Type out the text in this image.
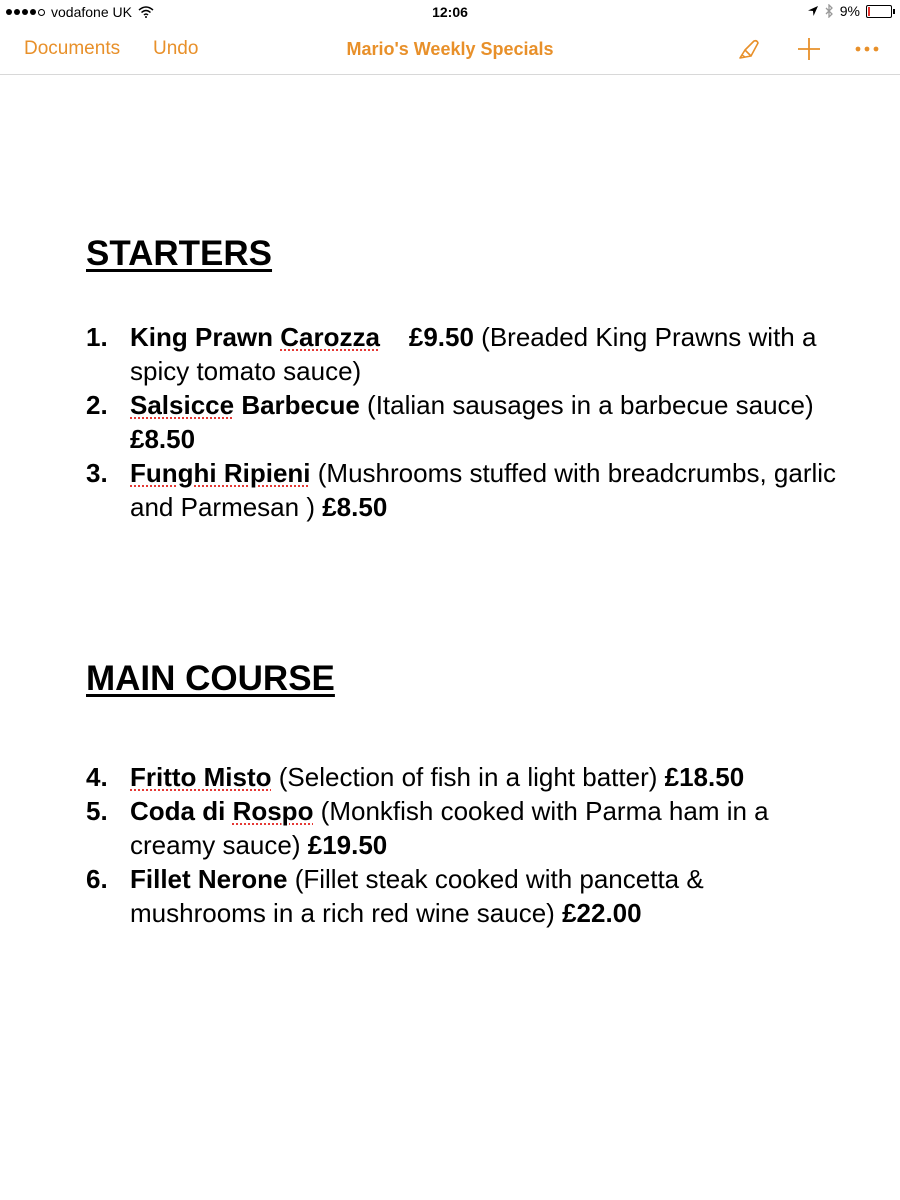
vodafone UK	12:06	9%
Documents Undo	Mario's Weekly Specials
STARTERS
1. King Prawn Carozza £9.50 (Breaded King Prawns with a spicy tomato sauce)
2. Salsicce Barbecue (Italian sausages in a barbecue sauce) £8.50
3. Funghi Ripieni (Mushrooms stuffed with breadcrumbs, garlic and Parmesan ) £8.50
MAIN COURSE
4. Fritto Misto (Selection of fish in a light batter) £18.50
5. Coda di Rospo (Monkfish cooked with Parma ham in a creamy sauce) £19.50
6. Fillet Nerone (Fillet steak cooked with pancetta & mushrooms in a rich red wine sauce) £22.00
